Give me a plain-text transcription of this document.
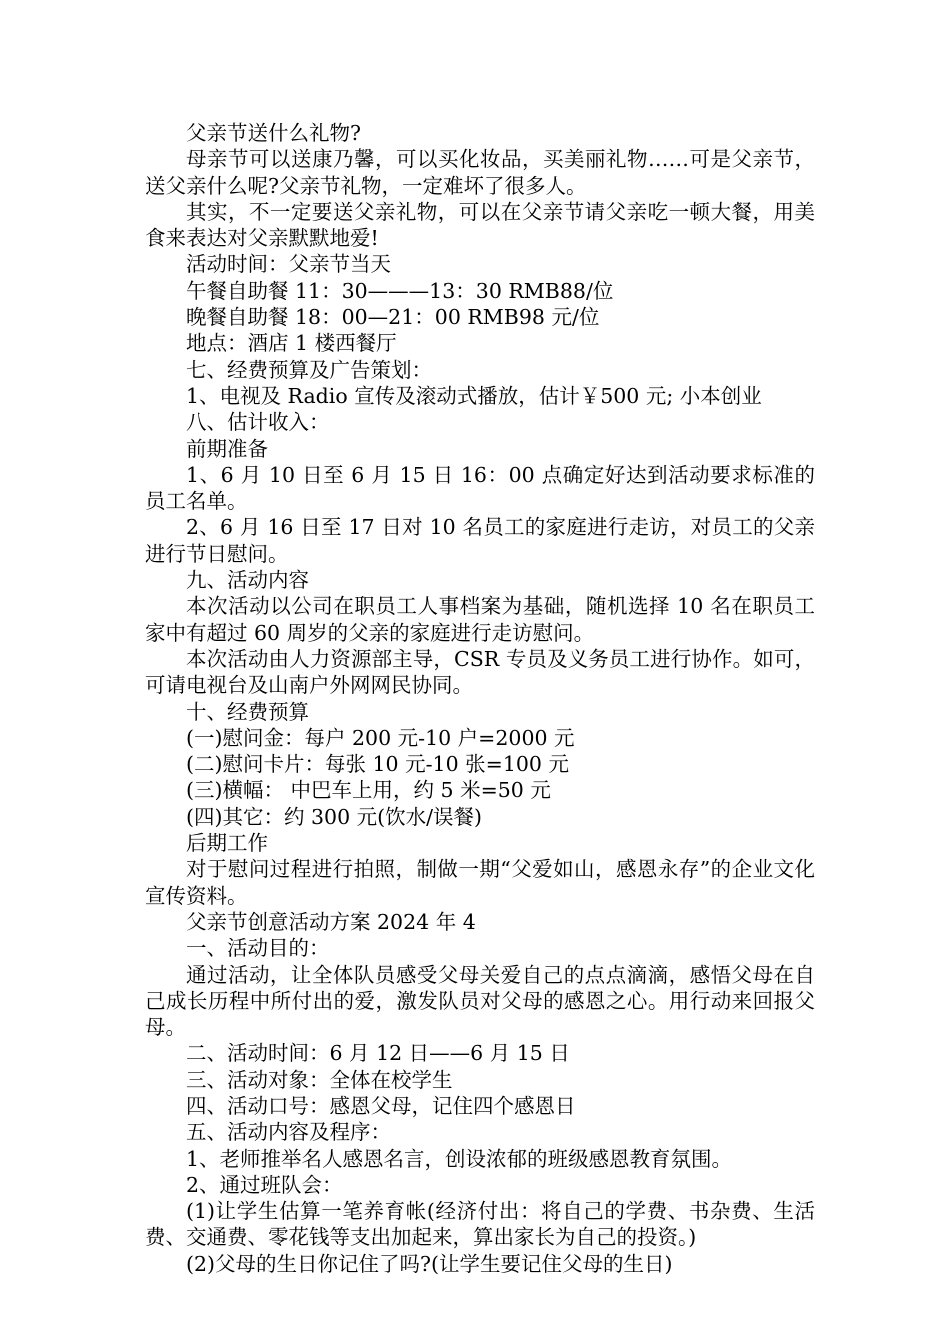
父亲节送什么礼物?

母亲节可以送康乃馨，可以买化妆品，买美丽礼物……可是父亲节，送父亲什么呢?父亲节礼物，一定难坏了很多人。

其实，不一定要送父亲礼物，可以在父亲节请父亲吃一顿大餐，用美食来表达对父亲默默地爱!

活动时间：父亲节当天

午餐自助餐 11：30———13：30 RMB88/位

晚餐自助餐 18：00—21：00 RMB98 元/位

地点：酒店 1 楼西餐厅

七、经费预算及广告策划：

1、电视及 Radio 宣传及滚动式播放，估计￥500 元; 小本创业

八、估计收入：

前期准备

1、6 月 10 日至 6 月 15 日 16：00 点确定好达到活动要求标准的员工名单。

2、6 月 16 日至 17 日对 10 名员工的家庭进行走访，对员工的父亲进行节日慰问。

九、活动内容

本次活动以公司在职员工人事档案为基础，随机选择 10 名在职员工家中有超过 60 周岁的父亲的家庭进行走访慰问。

本次活动由人力资源部主导，CSR 专员及义务员工进行协作。如可，可请电视台及山南户外网网民协同。

十、经费预算

(一)慰问金：每户 200 元-10 户=2000 元

(二)慰问卡片：每张 10 元-10 张=100 元

(三)横幅： 中巴车上用，约 5 米=50 元

(四)其它：约 300 元(饮水/误餐)

后期工作

对于慰问过程进行拍照，制做一期“父爱如山，感恩永存”的企业文化宣传资料。

父亲节创意活动方案 2024 年 4

一、活动目的：

通过活动，让全体队员感受父母关爱自己的点点滴滴，感悟父母在自己成长历程中所付出的爱，激发队员对父母的感恩之心。用行动来回报父母。

二、活动时间：6 月 12 日——6 月 15 日

三、活动对象：全体在校学生

四、活动口号：感恩父母，记住四个感恩日

五、活动内容及程序：

1、老师推举名人感恩名言，创设浓郁的班级感恩教育氛围。

2、通过班队会：

(1)让学生估算一笔养育帐(经济付出：将自己的学费、书杂费、生活费、交通费、零花钱等支出加起来，算出家长为自己的投资。)

(2)父母的生日你记住了吗?(让学生要记住父母的生日)
